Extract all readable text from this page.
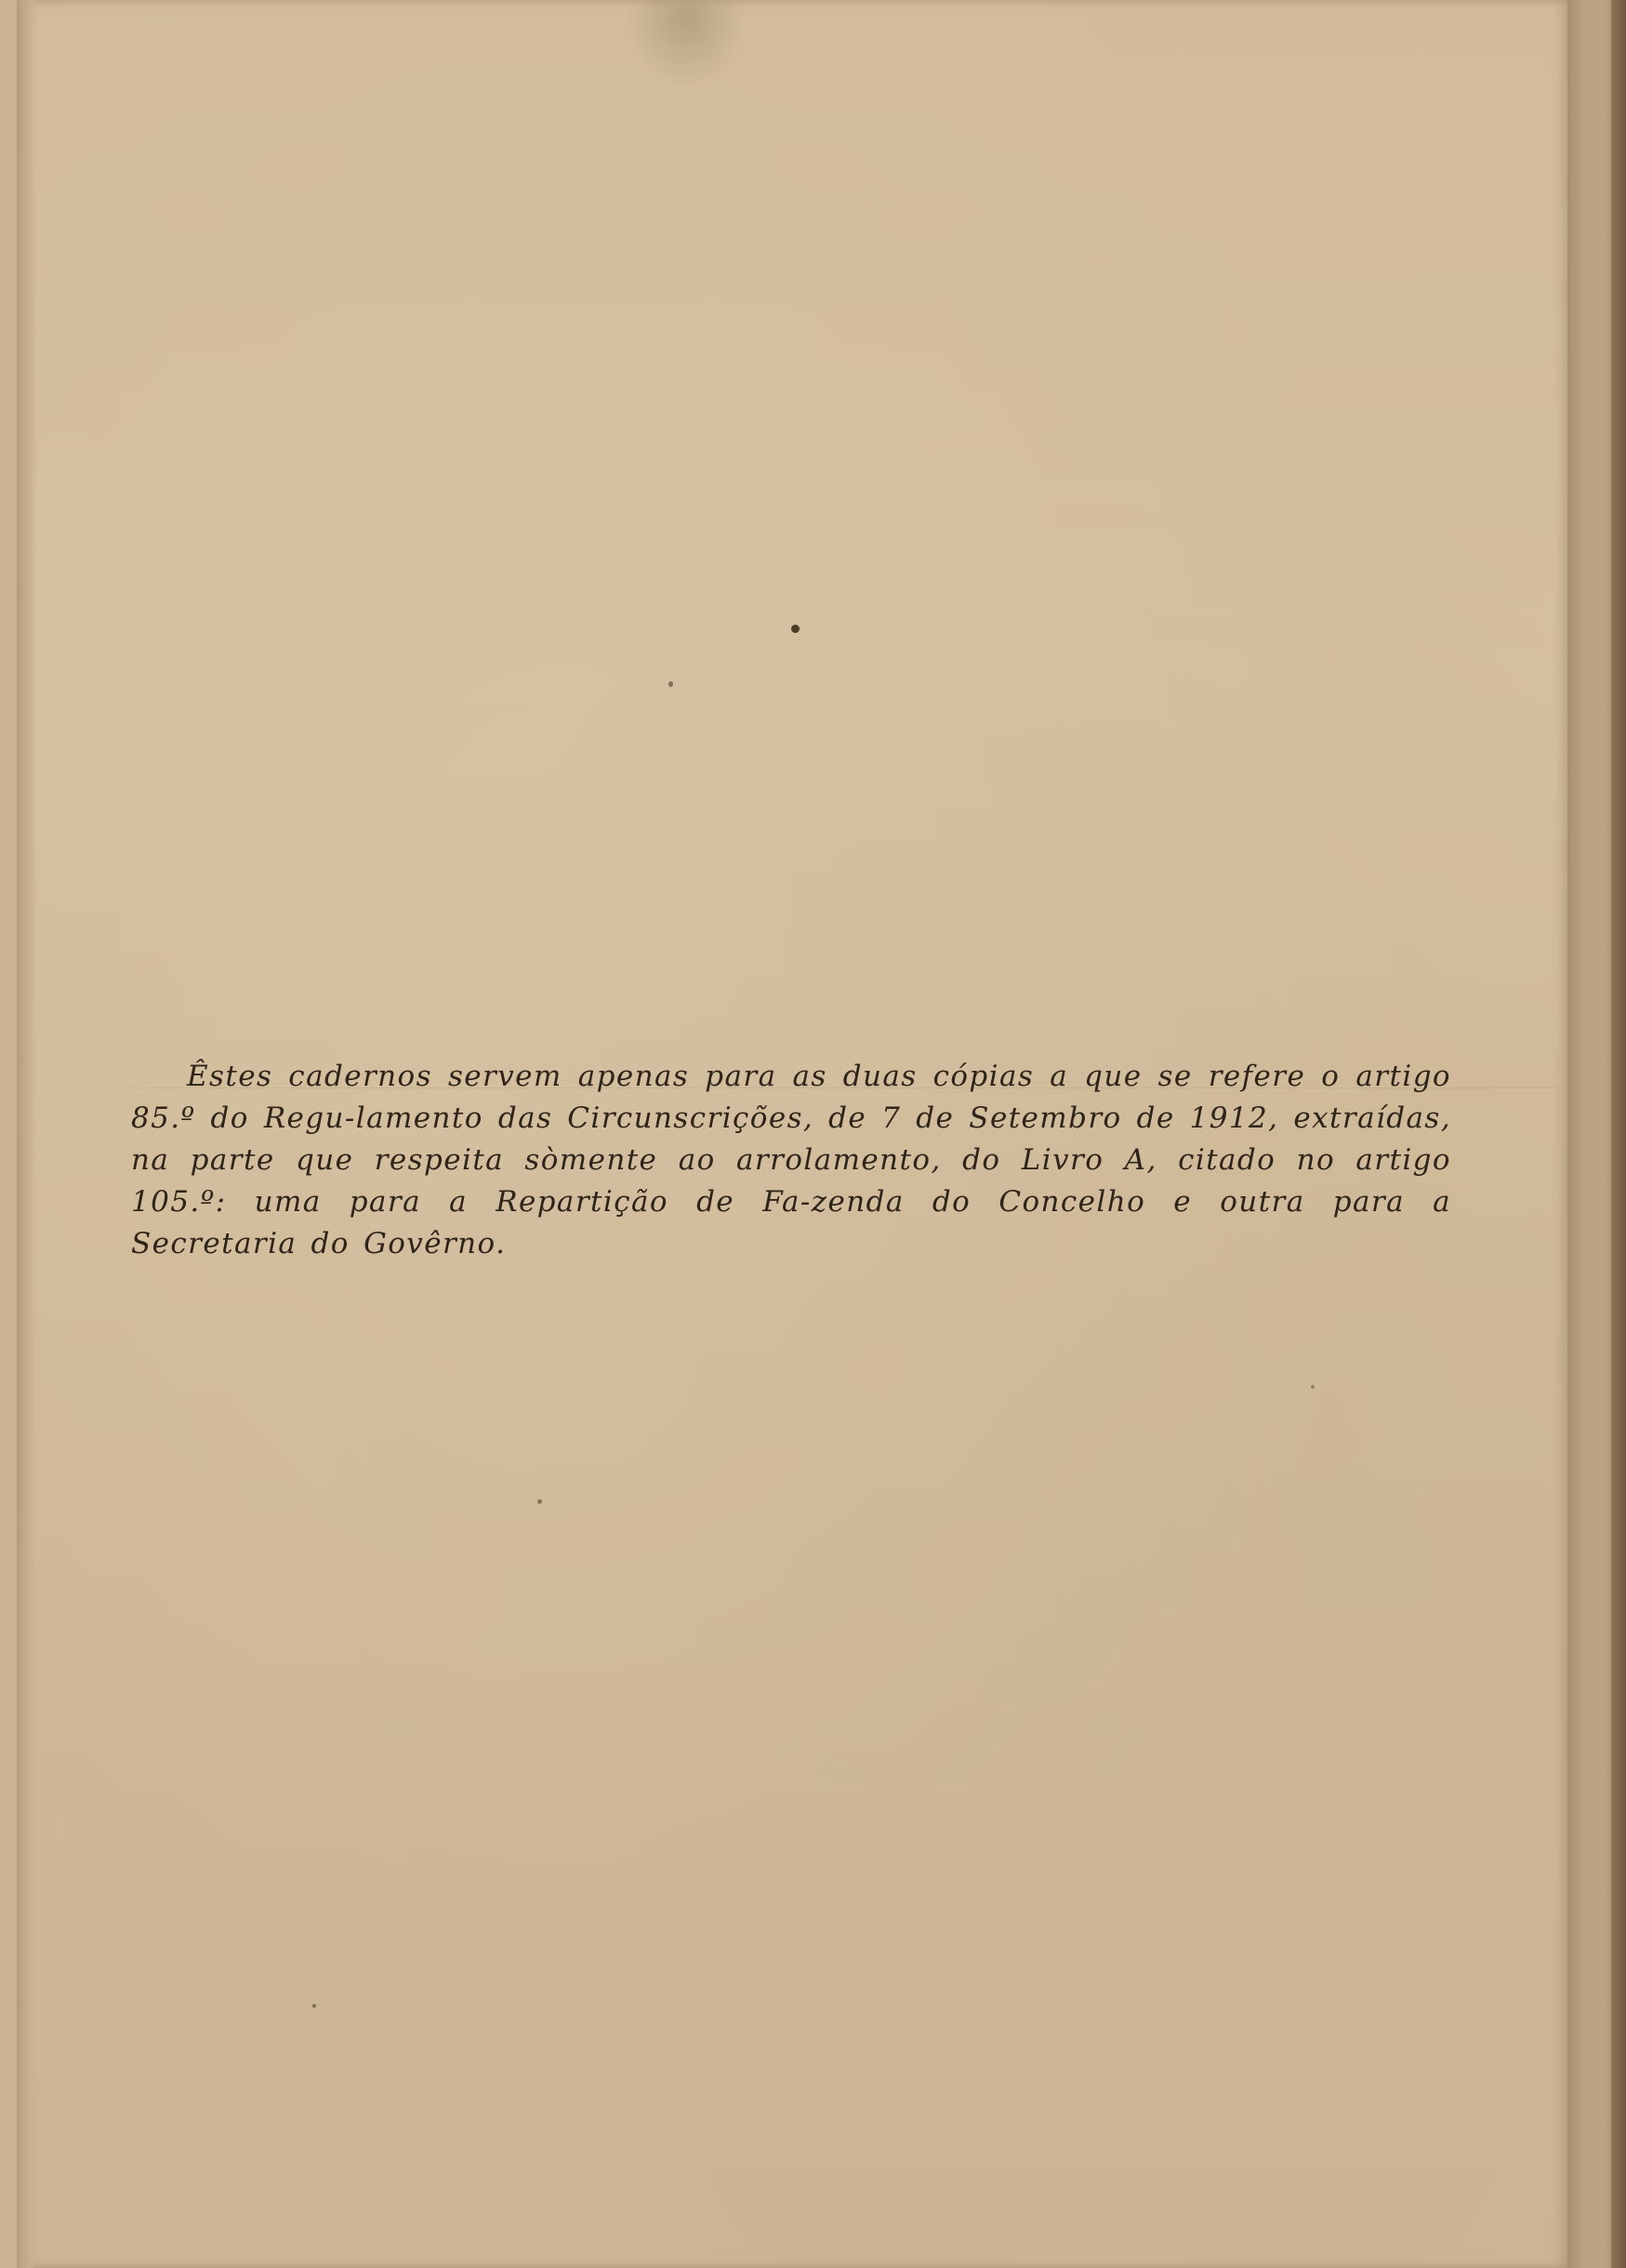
Êstes cadernos servem apenas para as duas cópias a que se refere o artigo 85.º do Regu-lamento das Circunscrições, de 7 de Setembro de 1912, extraídas, na parte que respeita sòmente ao arrolamento, do Livro A, citado no artigo 105.º: uma para a Repartição de Fa-zenda do Concelho e outra para a Secretaria do Govêrno.
